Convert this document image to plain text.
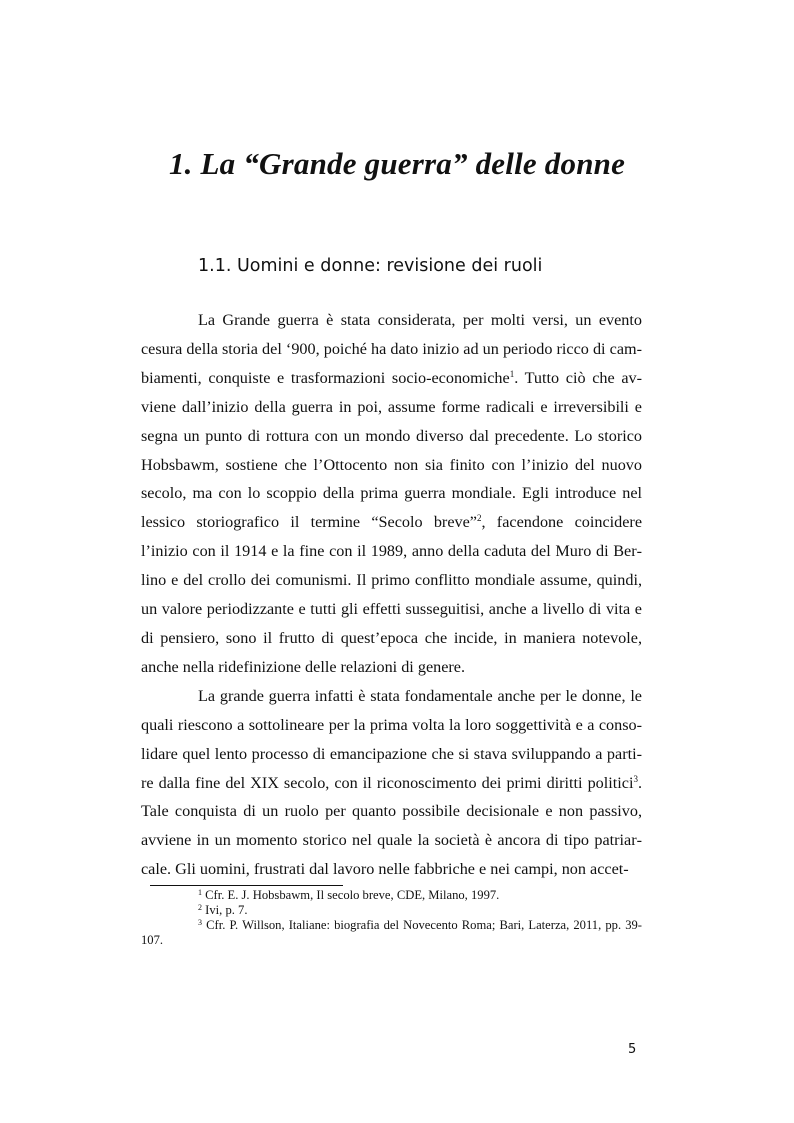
1. La “Grande guerra” delle donne
1.1. Uomini e donne: revisione dei ruoli

La Grande guerra è stata considerata, per molti versi, un evento cesura della storia del ‘900, poiché ha dato inizio ad un periodo ricco di cambiamenti, conquiste e trasformazioni socio-economiche$^1$. Tutto ciò che avviene dall’inizio della guerra in poi, assume forme radicali e irreversibili e segna un punto di rottura con un mondo diverso dal precedente. Lo storico Hobsbawm, sostiene che l’Ottocento non sia finito con l’inizio del nuovo secolo, ma con lo scoppio della prima guerra mondiale. Egli introduce nel lessico storiografico il termine “Secolo breve”$^2$, facendone coincidere l’inizio con il 1914 e la fine con il 1989, anno della caduta del Muro di Berlino e del crollo dei comunismi. Il primo conflitto mondiale assume, quindi, un valore periodizzante e tutti gli effetti susseguitisi, anche a livello di vita e di pensiero, sono il frutto di quest’epoca che incide, in maniera notevole, anche nella ridefinizione delle relazioni di genere.

La grande guerra infatti è stata fondamentale anche per le donne, le quali riescono a sottolineare per la prima volta la loro soggettività e a consolidare quel lento processo di emancipazione che si stava sviluppando a partire dalla fine del XIX secolo, con il riconoscimento dei primi diritti politici$^3$. Tale conquista di un ruolo per quanto possibile decisionale e non passivo, avviene in un momento storico nel quale la società è ancora di tipo patriarcale. Gli uomini, frustrati dal lavoro nelle fabbriche e nei campi, non accet-

$^1$ Cfr. E. J. Hobsbawm, Il secolo breve, CDE, Milano, 1997.

$^2$ Ivi, p. 7.

$^3$ Cfr. P. Willson, Italiane: biografia del Novecento Roma; Bari, Laterza, 2011, pp. 39-107.

5
